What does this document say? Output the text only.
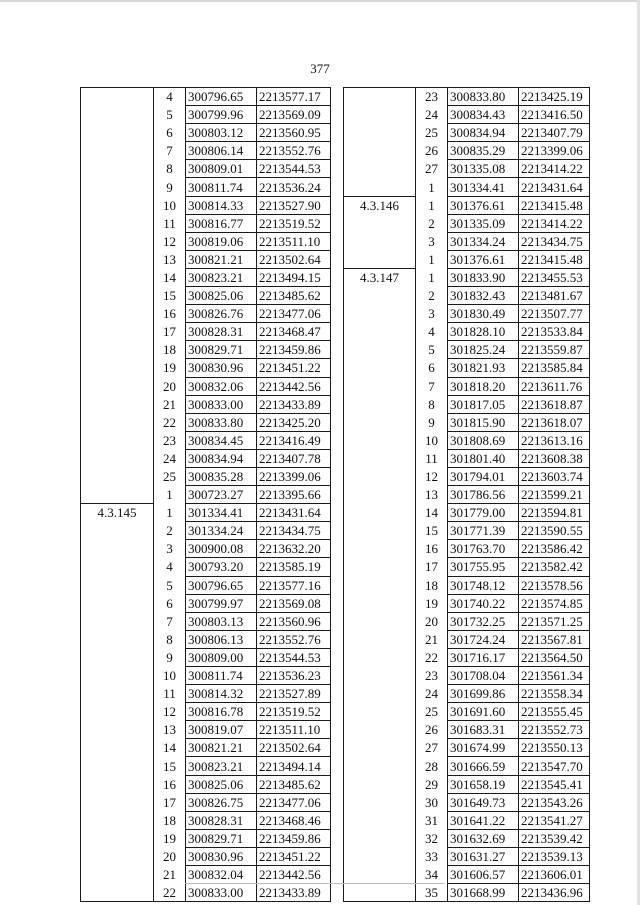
377
	4	300796.65	2213577.17
	5	300799.96	2213569.09
	6	300803.12	2213560.95
	7	300806.14	2213552.76
	8	300809.01	2213544.53
	9	300811.74	2213536.24
	10	300814.33	2213527.90
	11	300816.77	2213519.52
	12	300819.06	2213511.10
	13	300821.21	2213502.64
	14	300823.21	2213494.15
	15	300825.06	2213485.62
	16	300826.76	2213477.06
	17	300828.31	2213468.47
	18	300829.71	2213459.86
	19	300830.96	2213451.22
	20	300832.06	2213442.56
	21	300833.00	2213433.89
	22	300833.80	2213425.20
	23	300834.45	2213416.49
	24	300834.94	2213407.78
	25	300835.28	2213399.06
	1	300723.27	2213395.66
4.3.145	1	301334.41	2213431.64
	2	301334.24	2213434.75
	3	300900.08	2213632.20
	4	300793.20	2213585.19
	5	300796.65	2213577.16
	6	300799.97	2213569.08
	7	300803.13	2213560.96
	8	300806.13	2213552.76
	9	300809.00	2213544.53
	10	300811.74	2213536.23
	11	300814.32	2213527.89
	12	300816.78	2213519.52
	13	300819.07	2213511.10
	14	300821.21	2213502.64
	15	300823.21	2213494.14
	16	300825.06	2213485.62
	17	300826.75	2213477.06
	18	300828.31	2213468.46
	19	300829.71	2213459.86
	20	300830.96	2213451.22
	21	300832.04	2213442.56
	22	300833.00	2213433.89
	23	300833.80	2213425.19
	24	300834.43	2213416.50
	25	300834.94	2213407.79
	26	300835.29	2213399.06
	27	301335.08	2213414.22
	1	301334.41	2213431.64
4.3.146	1	301376.61	2213415.48
	2	301335.09	2213414.22
	3	301334.24	2213434.75
	1	301376.61	2213415.48
4.3.147	1	301833.90	2213455.53
	2	301832.43	2213481.67
	3	301830.49	2213507.77
	4	301828.10	2213533.84
	5	301825.24	2213559.87
	6	301821.93	2213585.84
	7	301818.20	2213611.76
	8	301817.05	2213618.87
	9	301815.90	2213618.07
	10	301808.69	2213613.16
	11	301801.40	2213608.38
	12	301794.01	2213603.74
	13	301786.56	2213599.21
	14	301779.00	2213594.81
	15	301771.39	2213590.55
	16	301763.70	2213586.42
	17	301755.95	2213582.42
	18	301748.12	2213578.56
	19	301740.22	2213574.85
	20	301732.25	2213571.25
	21	301724.24	2213567.81
	22	301716.17	2213564.50
	23	301708.04	2213561.34
	24	301699.86	2213558.34
	25	301691.60	2213555.45
	26	301683.31	2213552.73
	27	301674.99	2213550.13
	28	301666.59	2213547.70
	29	301658.19	2213545.41
	30	301649.73	2213543.26
	31	301641.22	2213541.27
	32	301632.69	2213539.42
	33	301631.27	2213539.13
	34	301606.57	2213606.01
	35	301668.99	2213436.96
